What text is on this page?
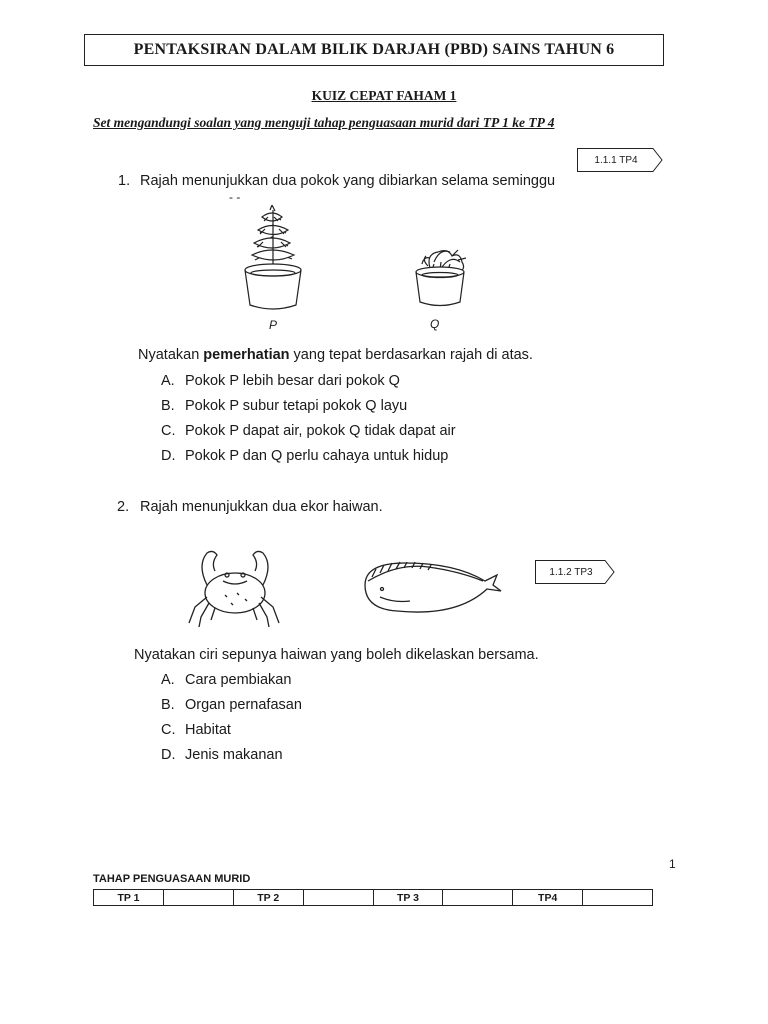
PENTAKSIRAN DALAM BILIK DARJAH (PBD) SAINS TAHUN 6
KUIZ CEPAT FAHAM 1
Set mengandungi soalan yang menguji tahap penguasaan murid dari TP 1 ke TP 4
1.1.1 TP4
1. Rajah menunjukkan dua pokok yang dibiarkan selama seminggu
- -
P	Q
Nyatakan pemerhatian yang tepat berdasarkan rajah di atas.
A. Pokok P lebih besar dari pokok Q
B. Pokok P subur tetapi pokok Q layu
C. Pokok P dapat air, pokok Q tidak dapat air
D. Pokok P dan Q perlu cahaya untuk hidup
2. Rajah menunjukkan dua ekor haiwan.
1.1.2 TP3
Nyatakan ciri sepunya haiwan yang boleh dikelaskan bersama.
A. Cara pembiakan
B. Organ pernafasan
C. Habitat
D. Jenis makanan
1
TAHAP PENGUASAAN MURID
TP 1		TP 2		TP 3		TP4	
